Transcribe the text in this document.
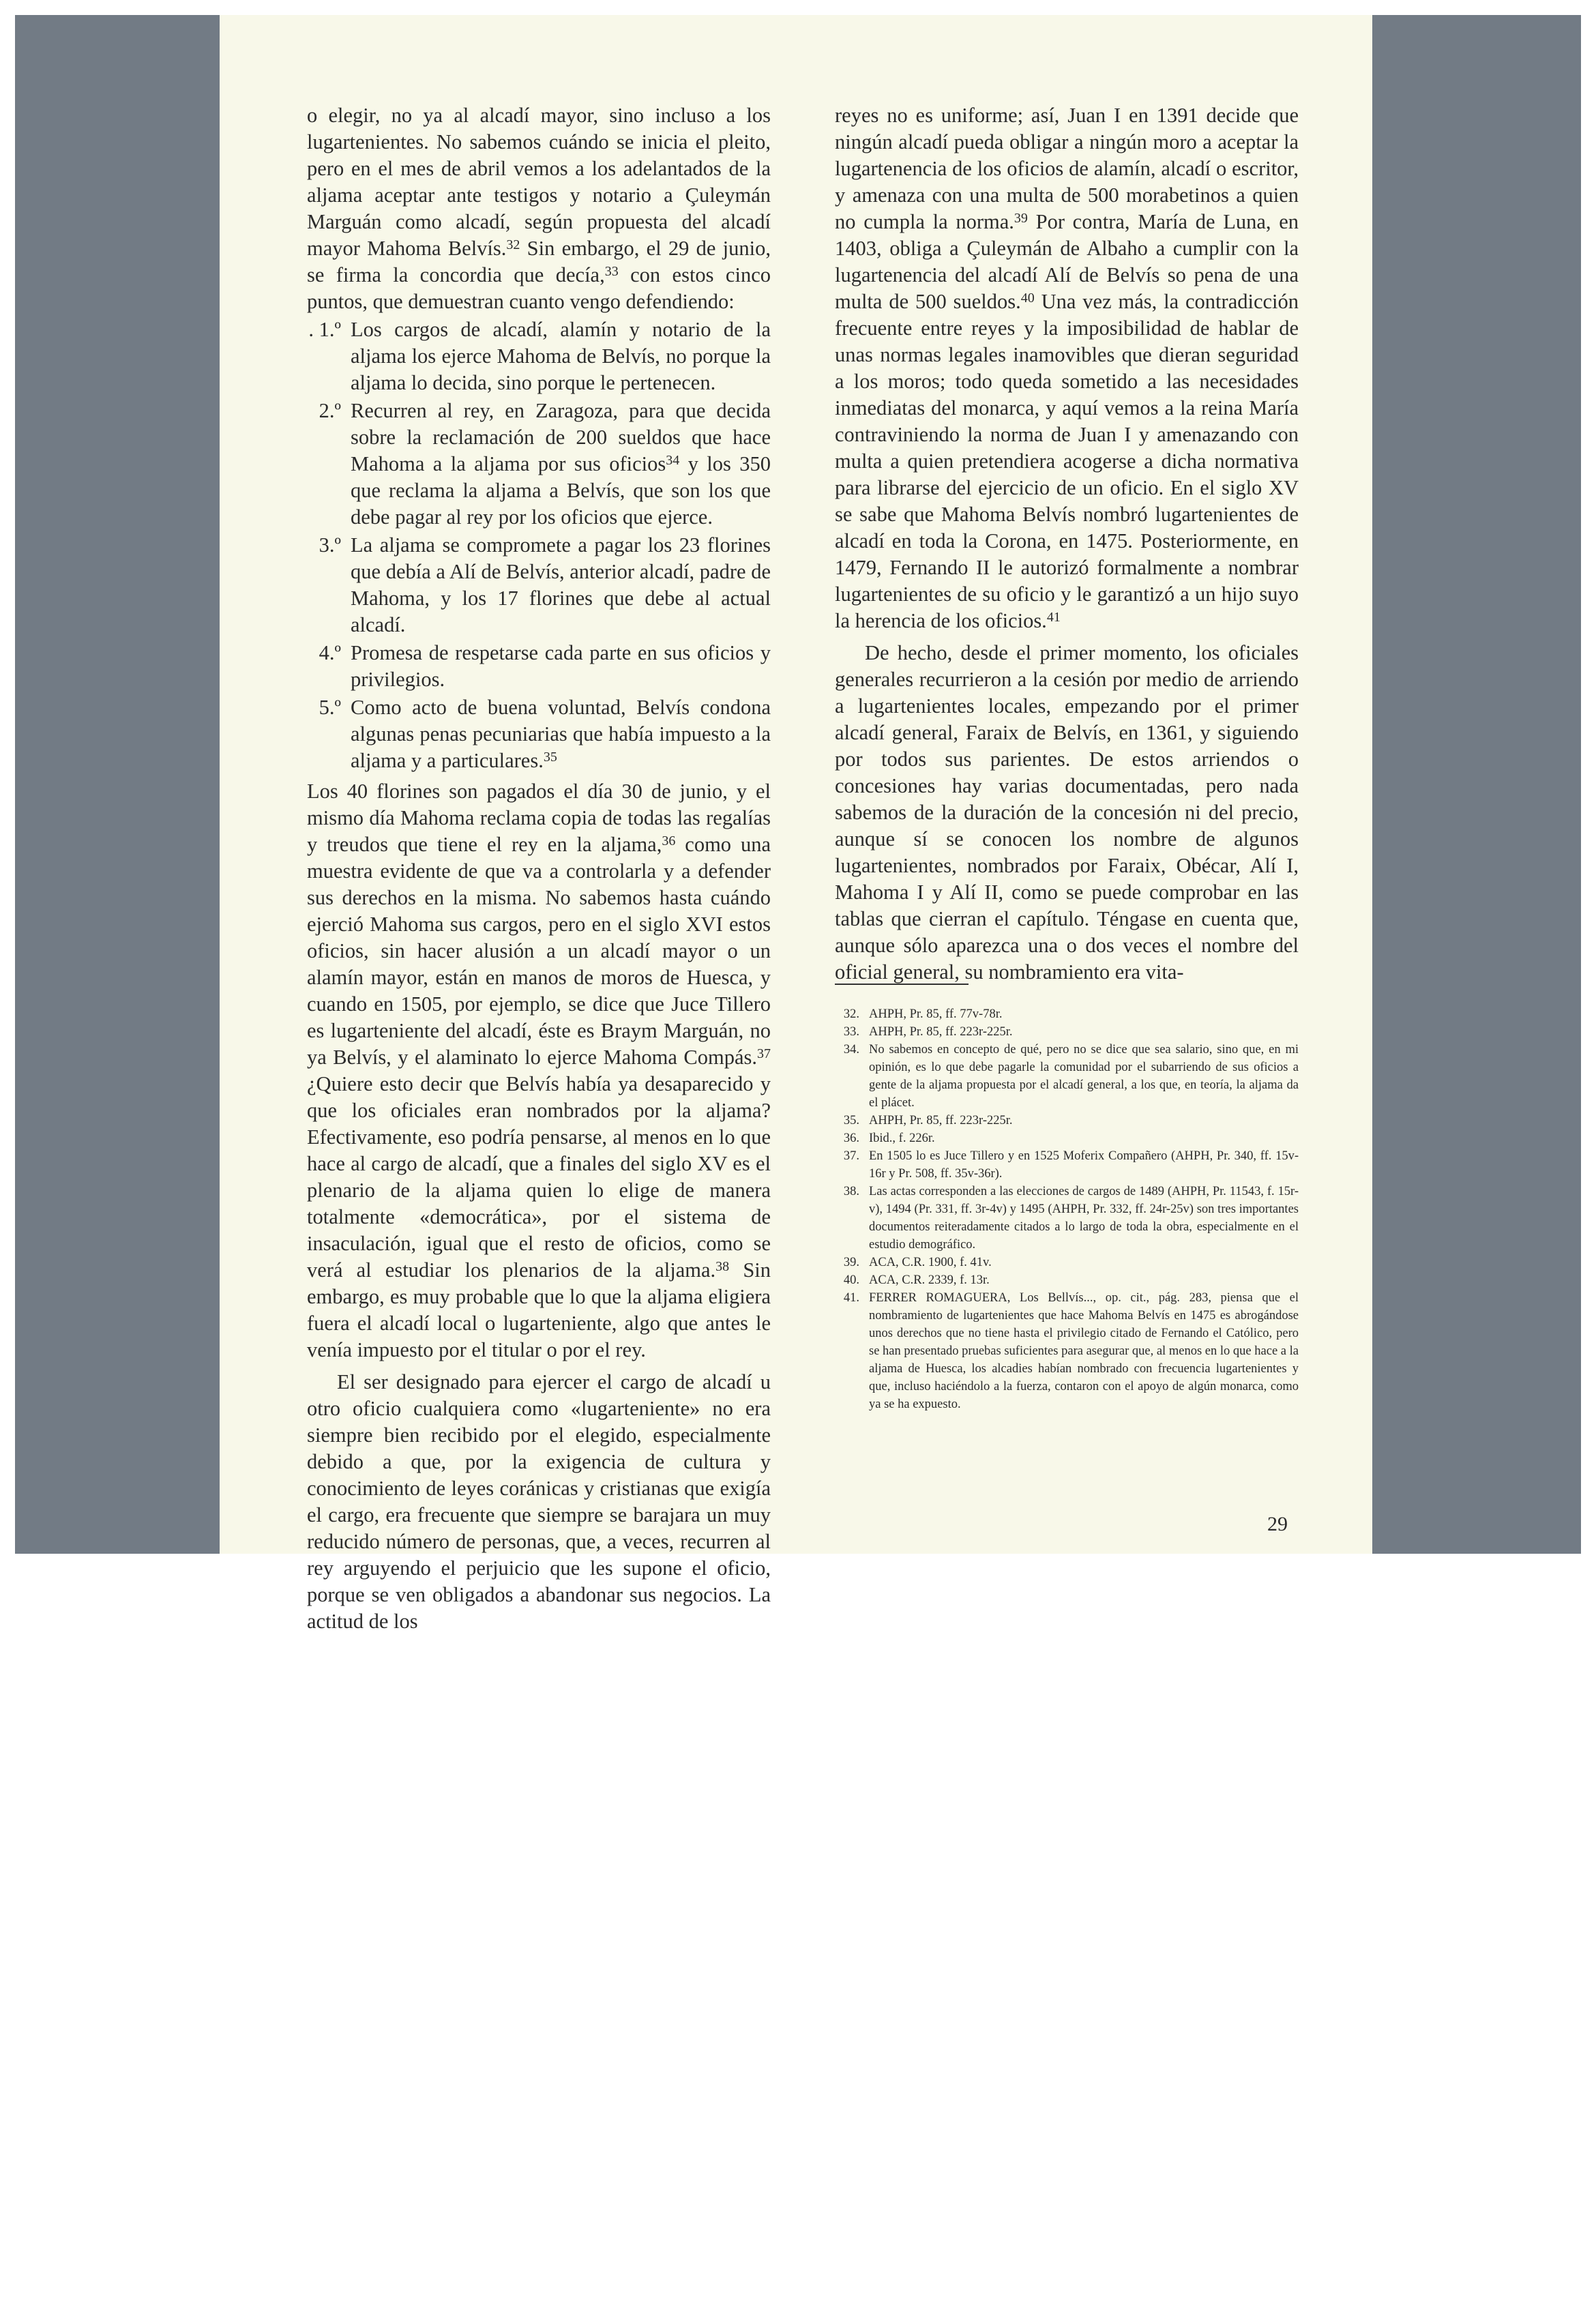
o elegir, no ya al alcadí mayor, sino incluso a los lugartenientes. No sabemos cuándo se inicia el pleito, pero en el mes de abril vemos a los adelantados de la aljama aceptar ante testigos y notario a Çuleymán Marguán como alcadí, según propuesta del alcadí mayor Mahoma Belvís.$^{32}$ Sin embargo, el 29 de junio, se firma la concordia que decía,$^{33}$ con estos cinco puntos, que demuestran cuanto vengo defendiendo:

. 1.º Los cargos de alcadí, alamín y notario de la aljama los ejerce Mahoma de Belvís, no porque la aljama lo decida, sino porque le pertenecen.
2.º Recurren al rey, en Zaragoza, para que decida sobre la reclamación de 200 sueldos que hace Mahoma a la aljama por sus oficios$^{34}$ y los 350 que reclama la aljama a Belvís, que son los que debe pagar al rey por los oficios que ejerce.
3.º La aljama se compromete a pagar los 23 florines que debía a Alí de Belvís, anterior alcadí, padre de Mahoma, y los 17 florines que debe al actual alcadí.
4.º Promesa de respetarse cada parte en sus oficios y privilegios.
5.º Como acto de buena voluntad, Belvís condona algunas penas pecuniarias que había impuesto a la aljama y a particulares.$^{35}$

Los 40 florines son pagados el día 30 de junio, y el mismo día Mahoma reclama copia de todas las regalías y treudos que tiene el rey en la aljama,$^{36}$ como una muestra evidente de que va a controlarla y a defender sus derechos en la misma. No sabemos hasta cuándo ejerció Mahoma sus cargos, pero en el siglo XVI estos oficios, sin hacer alusión a un alcadí mayor o un alamín mayor, están en manos de moros de Huesca, y cuando en 1505, por ejemplo, se dice que Juce Tillero es lugarteniente del alcadí, éste es Braym Marguán, no ya Belvís, y el alaminato lo ejerce Mahoma Compás.$^{37}$ ¿Quiere esto decir que Belvís había ya desaparecido y que los oficiales eran nombrados por la aljama? Efectivamente, eso podría pensarse, al menos en lo que hace al cargo de alcadí, que a finales del siglo XV es el plenario de la aljama quien lo elige de manera totalmente «democrática», por el sistema de insaculación, igual que el resto de oficios, como se verá al estudiar los plenarios de la aljama.$^{38}$ Sin embargo, es muy probable que lo que la aljama eligiera fuera el alcadí local o lugarteniente, algo que antes le venía impuesto por el titular o por el rey.

El ser designado para ejercer el cargo de alcadí u otro oficio cualquiera como «lugarteniente» no era siempre bien recibido por el elegido, especialmente debido a que, por la exigencia de cultura y conocimiento de leyes coránicas y cristianas que exigía el cargo, era frecuente que siempre se barajara un muy reducido número de personas, que, a veces, recurren al rey arguyendo el perjuicio que les supone el oficio, porque se ven obligados a abandonar sus negocios. La actitud de los

reyes no es uniforme; así, Juan I en 1391 decide que ningún alcadí pueda obligar a ningún moro a aceptar la lugartenencia de los oficios de alamín, alcadí o escritor, y amenaza con una multa de 500 morabetinos a quien no cumpla la norma.$^{39}$ Por contra, María de Luna, en 1403, obliga a Çuleymán de Albaho a cumplir con la lugartenencia del alcadí Alí de Belvís so pena de una multa de 500 sueldos.$^{40}$ Una vez más, la contradicción frecuente entre reyes y la imposibilidad de hablar de unas normas legales inamovibles que dieran seguridad a los moros; todo queda sometido a las necesidades inmediatas del monarca, y aquí vemos a la reina María contraviniendo la norma de Juan I y amenazando con multa a quien pretendiera acogerse a dicha normativa para librarse del ejercicio de un oficio. En el siglo XV se sabe que Mahoma Belvís nombró lugartenientes de alcadí en toda la Corona, en 1475. Posteriormente, en 1479, Fernando II le autorizó formalmente a nombrar lugartenientes de su oficio y le garantizó a un hijo suyo la herencia de los oficios.$^{41}$

De hecho, desde el primer momento, los oficiales generales recurrieron a la cesión por medio de arriendo a lugartenientes locales, empezando por el primer alcadí general, Faraix de Belvís, en 1361, y siguiendo por todos sus parientes. De estos arriendos o concesiones hay varias documentadas, pero nada sabemos de la duración de la concesión ni del precio, aunque sí se conocen los nombre de algunos lugartenientes, nombrados por Faraix, Obécar, Alí I, Mahoma I y Alí II, como se puede comprobar en las tablas que cierran el capítulo. Téngase en cuenta que, aunque sólo aparezca una o dos veces el nombre del oficial general, su nombramiento era vita-

32. AHPH, Pr. 85, ff. 77v-78r.
33. AHPH, Pr. 85, ff. 223r-225r.
34. No sabemos en concepto de qué, pero no se dice que sea salario, sino que, en mi opinión, es lo que debe pagarle la comunidad por el subarriendo de sus oficios a gente de la aljama propuesta por el alcadí general, a los que, en teoría, la aljama da el plácet.
35. AHPH, Pr. 85, ff. 223r-225r.
36. Ibid., f. 226r.
37. En 1505 lo es Juce Tillero y en 1525 Moferix Compañero (AHPH, Pr. 340, ff. 15v-16r y Pr. 508, ff. 35v-36r).
38. Las actas corresponden a las elecciones de cargos de 1489 (AHPH, Pr. 11543, f. 15r-v), 1494 (Pr. 331, ff. 3r-4v) y 1495 (AHPH, Pr. 332, ff. 24r-25v) son tres importantes documentos reiteradamente citados a lo largo de toda la obra, especialmente en el estudio demográfico.
39. ACA, C.R. 1900, f. 41v.
40. ACA, C.R. 2339, f. 13r.
41. FERRER ROMAGUERA, Los Bellvís..., op. cit., pág. 283, piensa que el nombramiento de lugartenientes que hace Mahoma Belvís en 1475 es abrogándose unos derechos que no tiene hasta el privilegio citado de Fernando el Católico, pero se han presentado pruebas suficientes para asegurar que, al menos en lo que hace a la aljama de Huesca, los alcadies habían nombrado con frecuencia lugartenientes y que, incluso haciéndolo a la fuerza, contaron con el apoyo de algún monarca, como ya se ha expuesto.
29
